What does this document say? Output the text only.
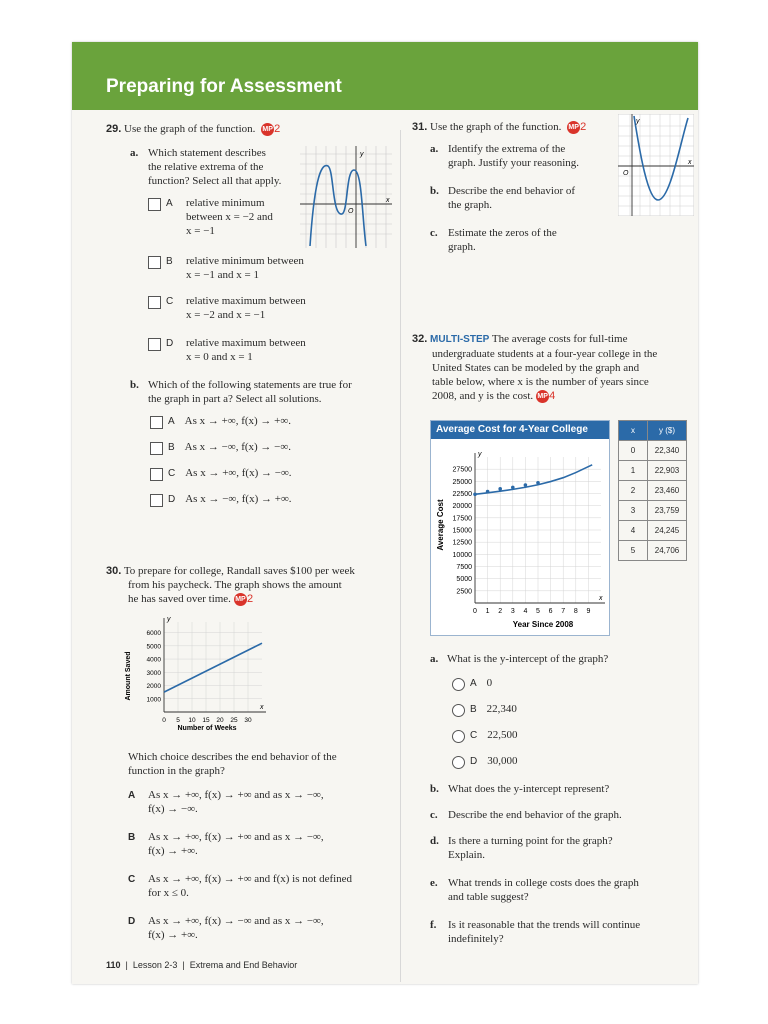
Preparing for Assessment
29. Use the graph of the function. MP2
a. Which statement describes
the relative extrema of the
function? Select all that apply.
y
x
O
A relative minimum
between x = −2 and
x = −1
B relative minimum between
x = −1 and x = 1
C relative maximum between
x = −2 and x = −1
D relative maximum between
x = 0 and x = 1
b. Which of the following statements are true for
the graph in part a? Select all solutions.
A As x → +∞, f(x) → +∞.
B As x → −∞, f(x) → −∞.
C As x → +∞, f(x) → −∞.
D As x → −∞, f(x) → +∞.
30. To prepare for college, Randall saves $100 per week
from his paycheck. The graph shows the amount
he has saved over time. MP2
1000
2000
3000
4000
5000
6000
0 5 10 15 20 25 30
Amount Saved
Number of Weeks
y
x
Which choice describes the end behavior of the
function in the graph?
A As x → +∞, f(x) → +∞ and as x → −∞,
f(x) → −∞.
B As x → +∞, f(x) → +∞ and as x → −∞,
f(x) → +∞.
C As x → +∞, f(x) → +∞ and f(x) is not defined
for x ≤ 0.
D As x → +∞, f(x) → −∞ and as x → −∞,
f(x) → +∞.
110  |  Lesson 2-3  |  Extrema and End Behavior
31. Use the graph of the function. MP2
a. Identify the extrema of the
graph. Justify your reasoning.
b. Describe the end behavior of
the graph.
c. Estimate the zeros of the
graph.
y
x
O
32. MULTI-STEP The average costs for full-time
undergraduate students at a four-year college in the
United States can be modeled by the graph and
table below, where x is the number of years since
2008, and y is the cost. MP4
Average Cost for 4-Year College
2500
5000
7500
10000
12500
15000
17500
20000
22500
25000
27500
0 1 2 3 4 5 6 7 8 9
Average Cost
Year Since 2008
y
x
x	y ($)
0	22,340
1	22,903
2	23,460
3	23,759
4	24,245
5	24,706
a. What is the y-intercept of the graph?
A 0
B 22,340
C 22,500
D 30,000
b. What does the y-intercept represent?
c. Describe the end behavior of the graph.
d. Is there a turning point for the graph?
Explain.
e. What trends in college costs does the graph
and table suggest?
f. Is it reasonable that the trends will continue
indefinitely?
